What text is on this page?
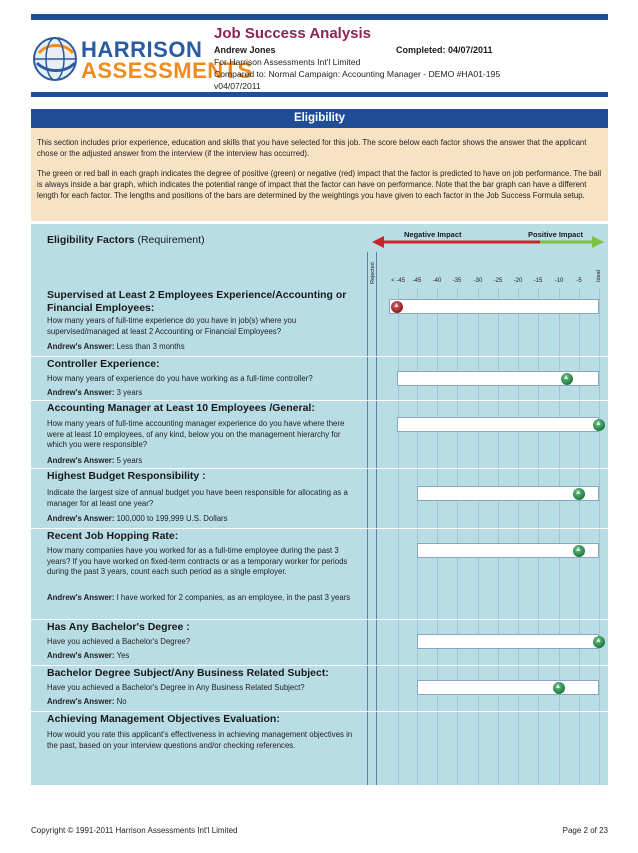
HARRISON
ASSESSMENTS
Job Success Analysis
Andrew Jones	Completed: 04/07/2011
For Harrison Assessments Int'l Limited
Compared to: Normal Campaign: Accounting Manager - DEMO #HA01-195
v04/07/2011
Eligibility

This section includes prior experience, education and skills that you have selected for this job. The score below each factor shows the answer that the applicant chose or the adjusted answer from the interview (if the interview has occurred).

The green or red ball in each graph indicates the degree of positive (green) or negative (red) impact that the factor is predicted to have on job performance. The ball is always inside a bar graph, which indicates the potential range of impact that the factor can have on performance. Note that the bar graph can have a different length for each factor. The lengths and positions of the bars are determined by the weightings you have given to each factor in the Job Success Formula setup.

Eligibility Factors (Requirement)	Negative Impact	Positive Impact
Rejected	Ideal
< -45 -45 -40 -35 -30 -25 -20 -15 -10 -5
Supervised at Least 2 Employees Experience/Accounting or Financial Employees:
How many years of full-time experience do you have in job(s) where you supervised/managed at least 2 Accounting or Financial Employees?
Andrew's Answer: Less than 3 months
▲
Controller Experience:
How many years of experience do you have working as a full-time controller?
Andrew's Answer: 3 years
▲
Accounting Manager at Least 10 Employees /General:
How many years of full-time accounting manager experience do you have where there were at least 10 employees, of any kind, below you on the management hierarchy for which you were responsible?
Andrew's Answer: 5 years
▲
Highest Budget Responsibility :
Indicate the largest size of annual budget you have been responsible for allocating as a manager for at least one year?
Andrew's Answer: 100,000 to 199,999 U.S. Dollars
▲
Recent Job Hopping Rate:
How many companies have you worked for as a full-time employee during the past 3 years? If you have worked on fixed-term contracts or as a temporary worker for periods during the past 3 years, count each such period as a single employer.
Andrew's Answer: I have worked for 2 companies, as an employee, in the past 3 years
▲
Has Any Bachelor's Degree :
Have you achieved a Bachelor's Degree?
Andrew's Answer: Yes
▲
Bachelor Degree Subject/Any Business Related Subject:
Have you achieved a Bachelor's Degree in Any Business Related Subject?
Andrew's Answer: No
▲
Achieving Management Objectives Evaluation:
How would you rate this applicant's effectiveness in achieving management objectives in the past, based on your interview questions and/or checking references.
Copyright © 1991-2011 Harrison Assessments Int'l Limited	Page 2 of 23
